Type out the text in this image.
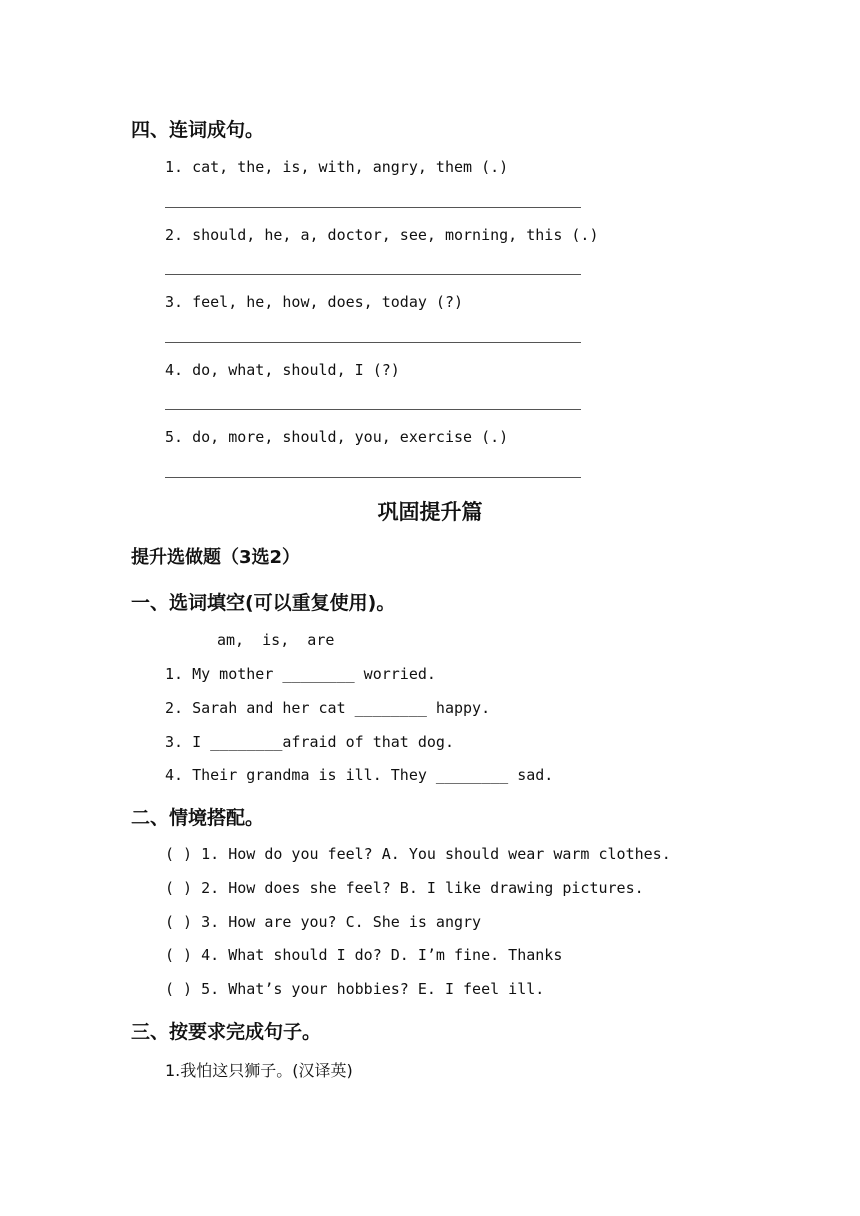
四、连词成句。
1. cat, the, is, with, angry, them (.)
2. should, he, a, doctor, see, morning, this (.)
3. feel, he, how, does, today (?)
4. do, what, should, I (?)
5. do, more, should, you, exercise (.)
巩固提升篇
提升选做题（3选2）
一、选词填空(可以重复使用)。
am,  is,  are
1. My mother ________ worried.
2. Sarah and her cat ________ happy.
3. I ________afraid of that dog.
4. Their grandma is ill. They ________ sad.
二、情境搭配。
( ) 1. How do you feel? A. You should wear warm clothes.
( ) 2. How does she feel? B. I like drawing pictures.
( ) 3. How are you? C. She is angry
( ) 4. What should I do? D. I’m fine. Thanks
( ) 5. What’s your hobbies? E. I feel ill.
三、按要求完成句子。
1.我怕这只狮子。(汉译英)
